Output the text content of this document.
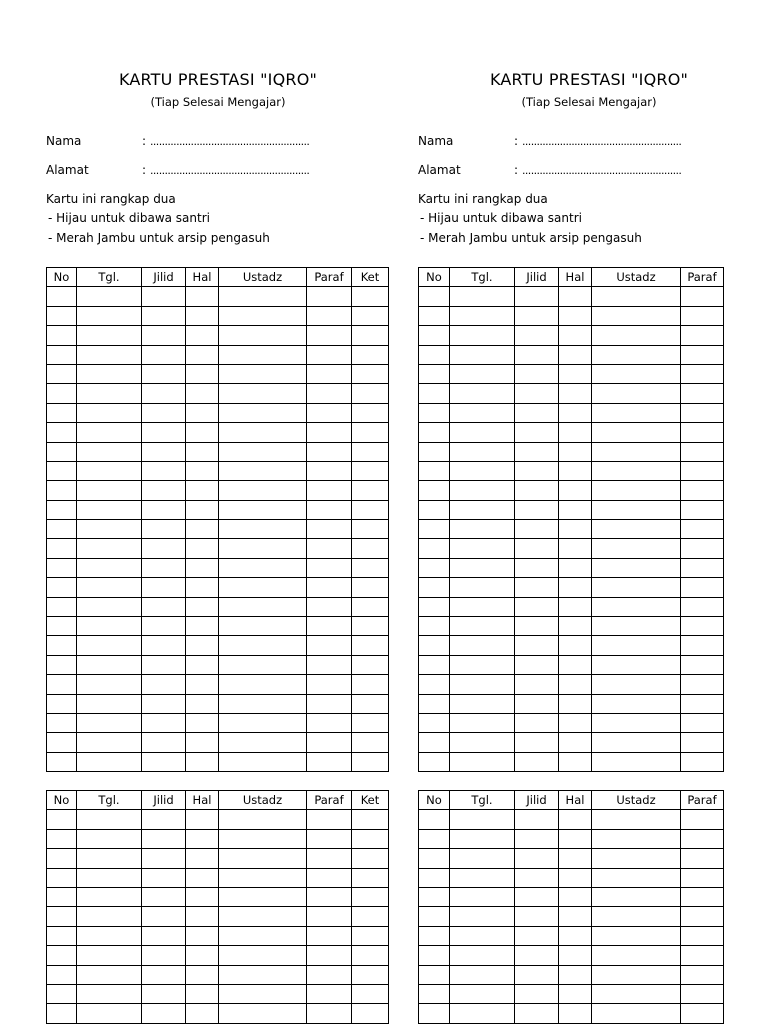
KARTU PRESTASI "IQRO"
(Tiap Selesai Mengajar)
Nama	: .......................................................
Alamat	: .......................................................
Kartu ini rangkap dua
- Hijau untuk dibawa santri
- Merah Jambu untuk arsip pengasuh
No	Tgl.	Jilid	Hal	Ustadz	Paraf	Ket

No	Tgl.	Jilid	Hal	Ustadz	Paraf	Ket

KARTU PRESTASI "IQRO"
(Tiap Selesai Mengajar)
Nama	: .......................................................
Alamat	: .......................................................
Kartu ini rangkap dua
- Hijau untuk dibawa santri
- Merah Jambu untuk arsip pengasuh
No	Tgl.	Jilid	Hal	Ustadz	Paraf

No	Tgl.	Jilid	Hal	Ustadz	Paraf
